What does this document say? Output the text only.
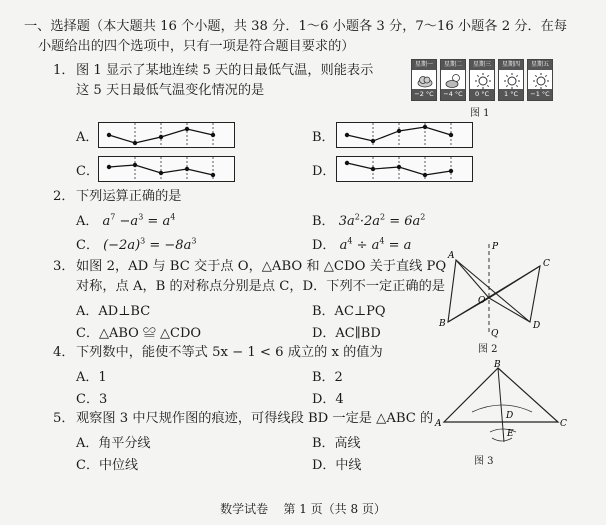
一、选择题（本大题共 16 个小题，共 38 分．1～6 小题各 3 分，7～16 小题各 2 分．在每
小题给出的四个选项中，只有一项是符合题目要求的）
1． 图 1 显示了某地连续 5 天的日最低气温，则能表示
这 5 天日最低气温变化情况的是
星期一
−2 °C
星期二
−4 °C
星期三
0 °C
星期四
1 °C
星期五
−1 °C
图 1
A．	B．
C．	D．
2． 下列运算正确的是
A． $a^7 -a^3 = a^4$	B． $3a^2\cdot 2a^2 = 6a^2$
C． $(-2a)^3 = -8a^3$	D． $a^4 \div a^4 = a$
3． 如图 2，AD 与 BC 交于点 O，△ABO 和 △CDO 关于直线 PQ
对称，点 A，B 的对称点分别是点 C，D．下列不一定正确的是
A．AD⊥BC	B．AC⊥PQ
C．△ABO ≌ △CDO	D．AC∥BD
P
Q
A
B
C
D
O
图 2
4． 下列数中，能使不等式 5x − 1 < 6 成立的 x 的值为
A．1	B．2
C．3	D．4
5． 观察图 3 中尺规作图的痕迹，可得线段 BD 一定是 △ABC 的
A．角平分线	B．高线
C．中位线	D．中线
B
A	C
D
E
图 3
数学试卷 第 1 页（共 8 页）
